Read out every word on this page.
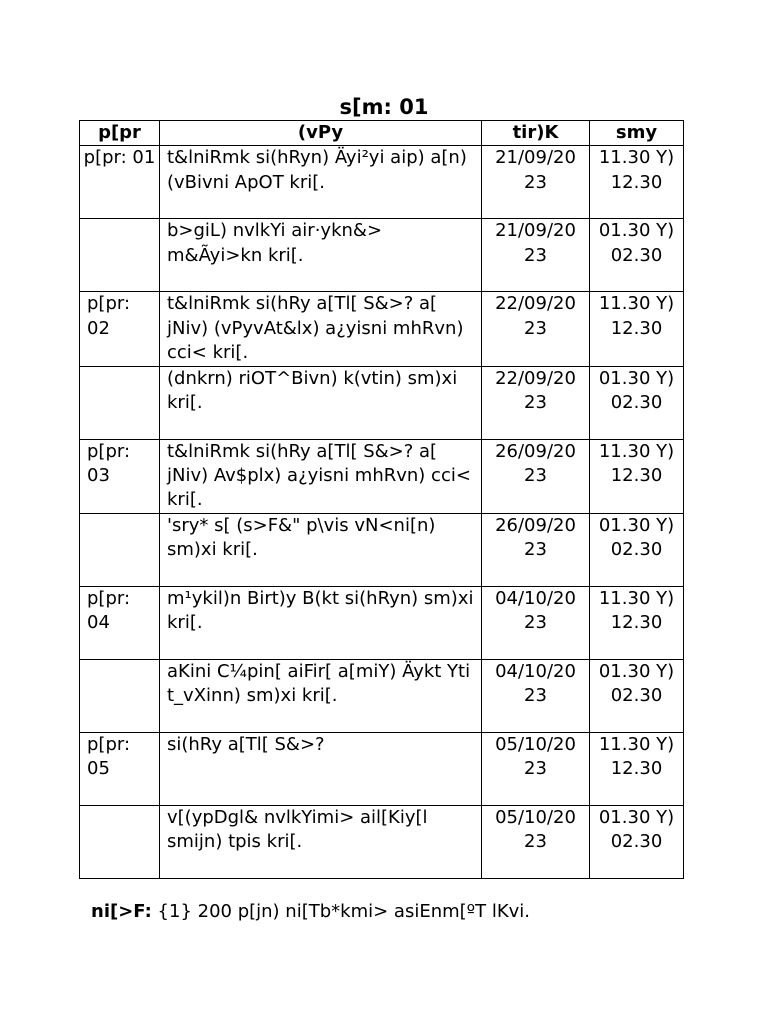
s[m: 01
p[pr	(vPy	tir)K	smy
p[pr: 01	t&lniRmk si(hRyn) Äyi²yi aip) a[n) (vBivni ApOT kri[.	21/09/20 23	11.30 Y) 12.30
	b>giL) nvlkYi air·ykn&> m&Ãyi>kn kri[.	21/09/20 23	01.30 Y) 02.30
p[pr: 02	t&lniRmk si(hRy a[Tl[ S&>? a[ jNiv) (vPyvAt&lx) a¿yisni mhRvn) cci< kri[.	22/09/20 23	11.30 Y) 12.30
	(dnkrn) riOT^Bivn) k(vtin) sm)xi kri[.	22/09/20 23	01.30 Y) 02.30
p[pr: 03	t&lniRmk si(hRy a[Tl[ S&>? a[ jNiv) Av$plx) a¿yisni mhRvn) cci< kri[.	26/09/20 23	11.30 Y) 12.30
	'sry* s[ (s>F&" p\vis vN<ni[n) sm)xi kri[.	26/09/20 23	01.30 Y) 02.30
p[pr: 04	m¹ykil)n Birt)y B(kt si(hRyn) sm)xi kri[.	04/10/20 23	11.30 Y) 12.30
	aKini C¼pin[ aiFir[ a[miY) Äykt Yti t_vXinn) sm)xi kri[.	04/10/20 23	01.30 Y) 02.30
p[pr: 05	si(hRy a[Tl[ S&>?	05/10/20 23	11.30 Y) 12.30
	v[(ypDgl& nvlkYimi> ail[Kiy[l smijn) tpis kri[.	05/10/20 23	01.30 Y) 02.30
ni[>F: {1} 200 p[jn) ni[Tb*kmi> asiEnm[ºT lKvi.
